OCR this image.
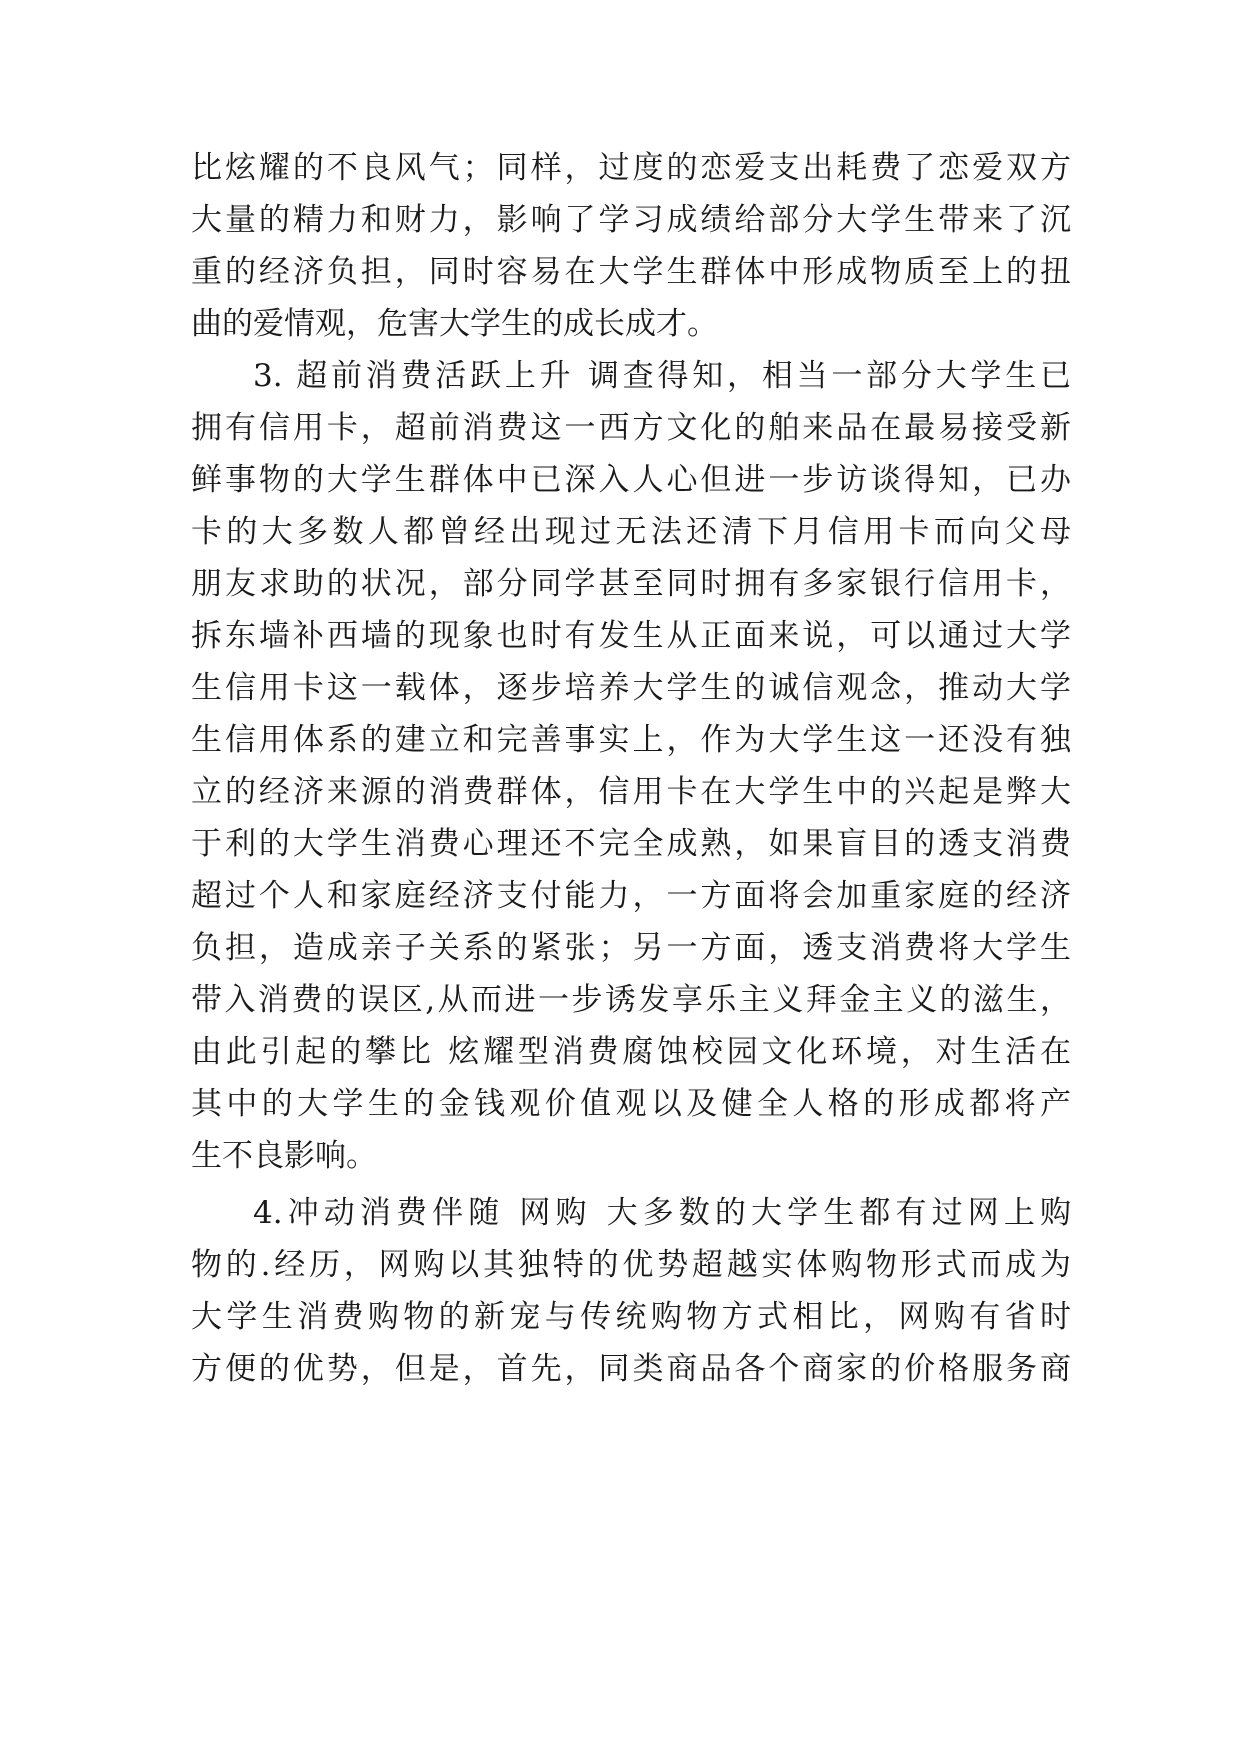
比炫耀的不良风气；同样，过度的恋爱支出耗费了恋爱双方
大量的精力和财力，影响了学习成绩给部分大学生带来了沉
重的经济负担，同时容易在大学生群体中形成物质至上的扭
曲的爱情观，危害大学生的成长成才。
3. 超前消费活跃上升 调查得知，相当一部分大学生已
拥有信用卡，超前消费这一西方文化的舶来品在最易接受新
鲜事物的大学生群体中已深入人心但进一步访谈得知，已办
卡的大多数人都曾经出现过无法还清下月信用卡而向父母
朋友求助的状况，部分同学甚至同时拥有多家银行信用卡，
拆东墙补西墙的现象也时有发生从正面来说，可以通过大学
生信用卡这一载体，逐步培养大学生的诚信观念，推动大学
生信用体系的建立和完善事实上，作为大学生这一还没有独
立的经济来源的消费群体，信用卡在大学生中的兴起是弊大
于利的大学生消费心理还不完全成熟，如果盲目的透支消费
超过个人和家庭经济支付能力，一方面将会加重家庭的经济
负担，造成亲子关系的紧张；另一方面，透支消费将大学生
带入消费的误区,从而进一步诱发享乐主义拜金主义的滋生，
由此引起的攀比 炫耀型消费腐蚀校园文化环境，对生活在
其中的大学生的金钱观价值观以及健全人格的形成都将产
生不良影响。
4.冲动消费伴随 网购 大多数的大学生都有过网上购
物的.经历，网购以其独特的优势超越实体购物形式而成为
大学生消费购物的新宠与传统购物方式相比，网购有省时
方便的优势，但是，首先，同类商品各个商家的价格服务商
